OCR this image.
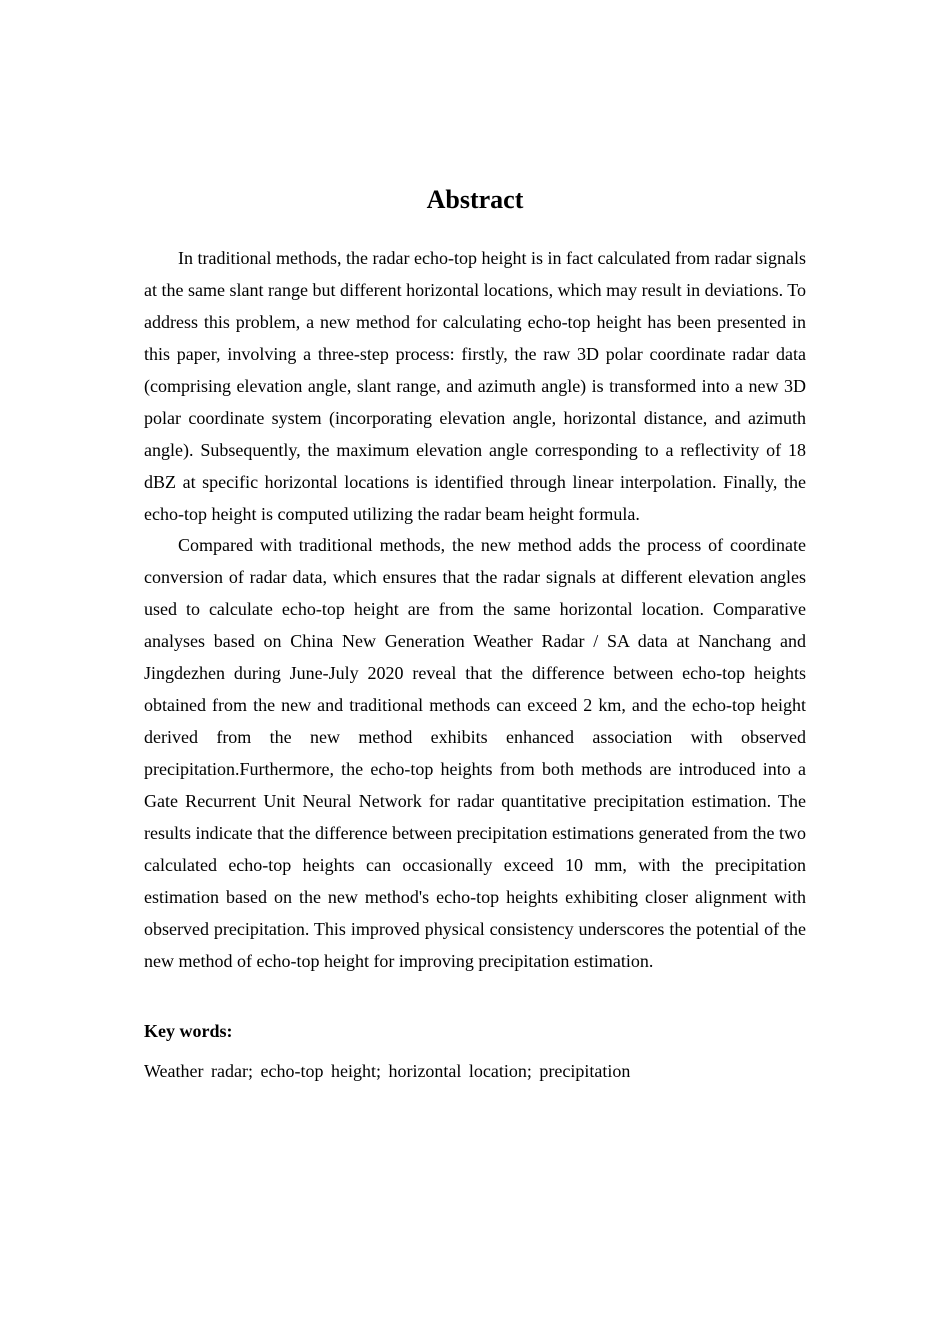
Abstract

In traditional methods, the radar echo-top height is in fact calculated from radar signals at the same slant range but different horizontal locations, which may result in deviations. To address this problem, a new method for calculating echo-top height has been presented in this paper, involving a three-step process: firstly, the raw 3D polar coordinate radar data (comprising elevation angle, slant range, and azimuth angle) is transformed into a new 3D polar coordinate system (incorporating elevation angle, horizontal distance, and azimuth angle). Subsequently, the maximum elevation angle corresponding to a reflectivity of 18 dBZ at specific horizontal locations is identified through linear interpolation. Finally, the echo-top height is computed utilizing the radar beam height formula.

Compared with traditional methods, the new method adds the process of coordinate conversion of radar data, which ensures that the radar signals at different elevation angles used to calculate echo-top height are from the same horizontal location. Comparative analyses based on China New Generation Weather Radar / SA data at Nanchang and Jingdezhen during June-July 2020 reveal that the difference between echo-top heights obtained from the new and traditional methods can exceed 2 km, and the echo-top height derived from the new method exhibits enhanced association with observed precipitation.Furthermore, the echo-top heights from both methods are introduced into a Gate Recurrent Unit Neural Network for radar quantitative precipitation estimation. The results indicate that the difference between precipitation estimations generated from the two calculated echo-top heights can occasionally exceed 10 mm, with the precipitation estimation based on the new method's echo-top heights exhibiting closer alignment with observed precipitation. This improved physical consistency underscores the potential of the new method of echo-top height for improving precipitation estimation.

Key words:
Weather radar; echo-top height; horizontal location; precipitation
